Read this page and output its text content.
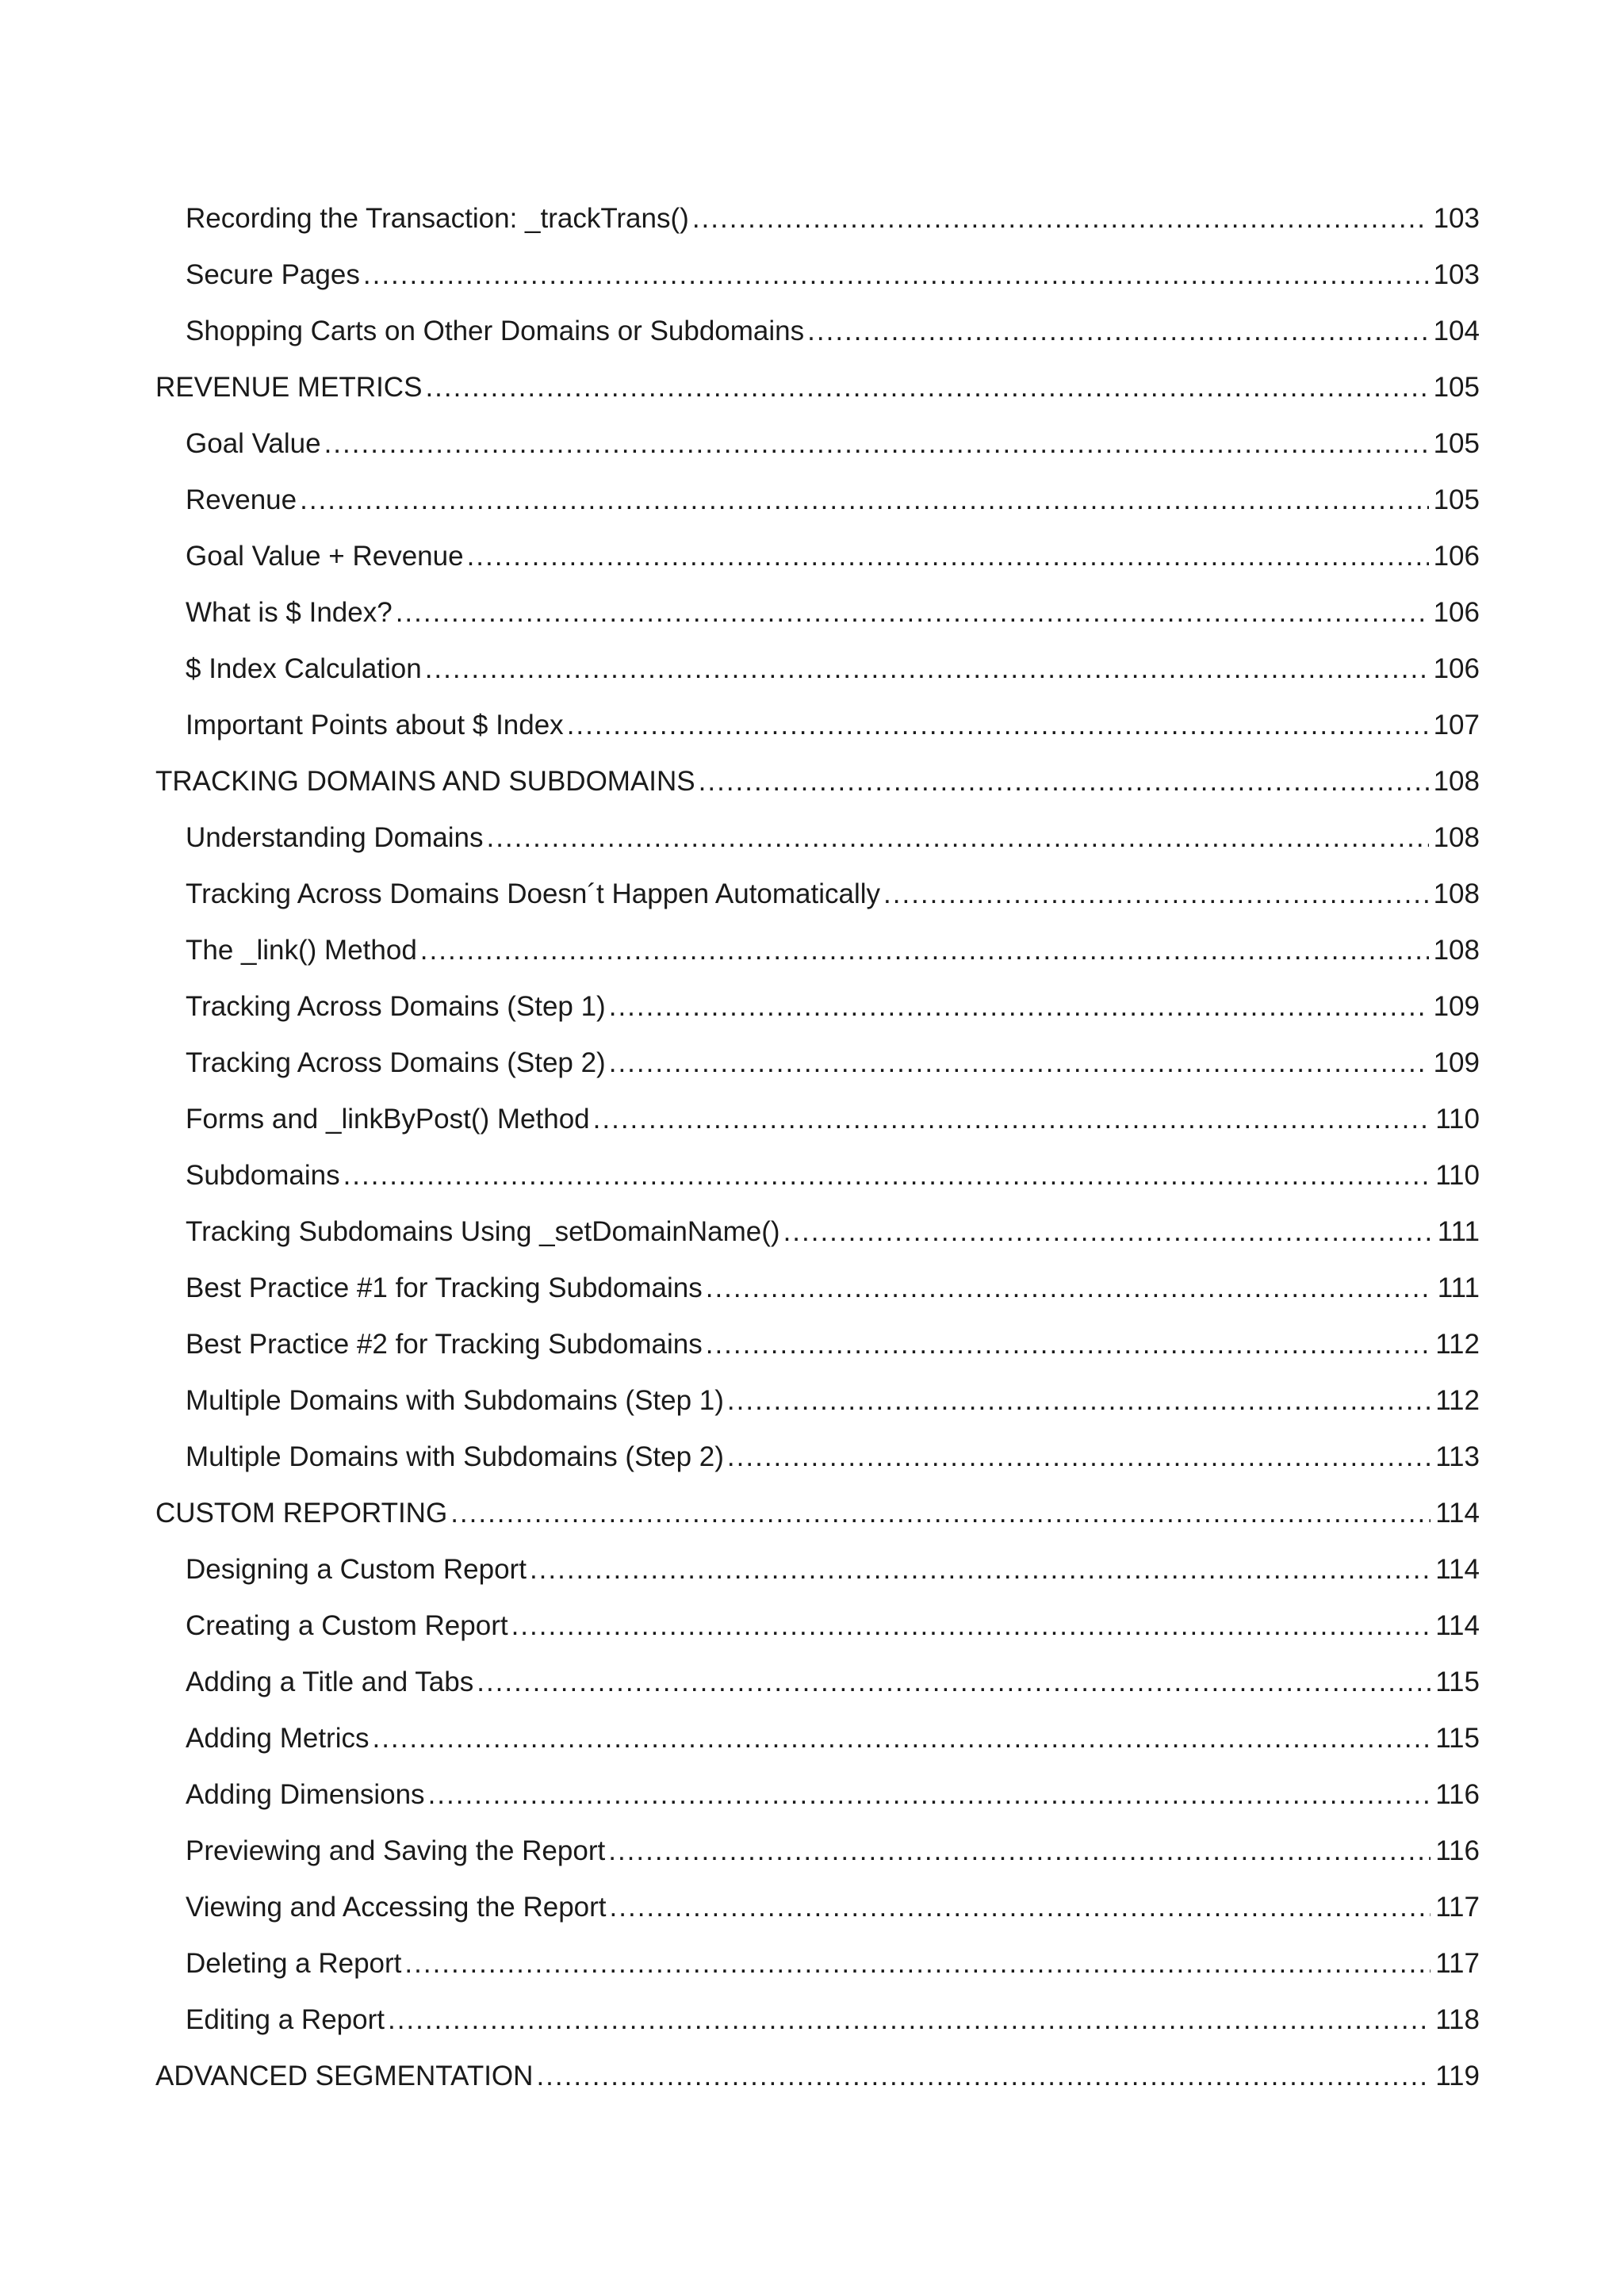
Recording the Transaction: _trackTrans() .....	103
Secure Pages .....	103
Shopping Carts on Other Domains or Subdomains .....	104
REVENUE METRICS .....	105
Goal Value .....	105
Revenue .....	105
Goal Value + Revenue .....	106
What is $ Index? .....	106
$ Index Calculation .....	106
Important Points about $ Index .....	107
TRACKING DOMAINS AND SUBDOMAINS .....	108
Understanding Domains .....	108
Tracking Across Domains Doesn´t Happen Automatically .....	108
The _link() Method .....	108
Tracking Across Domains (Step 1) .....	109
Tracking Across Domains (Step 2) .....	109
Forms and _linkByPost() Method .....	110
Subdomains .....	110
Tracking Subdomains Using _setDomainName() .....	111
Best Practice #1 for Tracking Subdomains .....	111
Best Practice #2 for Tracking Subdomains .....	112
Multiple Domains with Subdomains (Step 1) .....	112
Multiple Domains with Subdomains (Step 2) .....	113
CUSTOM REPORTING .....	114
Designing a Custom Report .....	114
Creating a Custom Report .....	114
Adding a Title and Tabs .....	115
Adding Metrics .....	115
Adding Dimensions .....	116
Previewing and Saving the Report .....	116
Viewing and Accessing the Report .....	117
Deleting a Report .....	117
Editing a Report .....	118
ADVANCED SEGMENTATION .....	119
